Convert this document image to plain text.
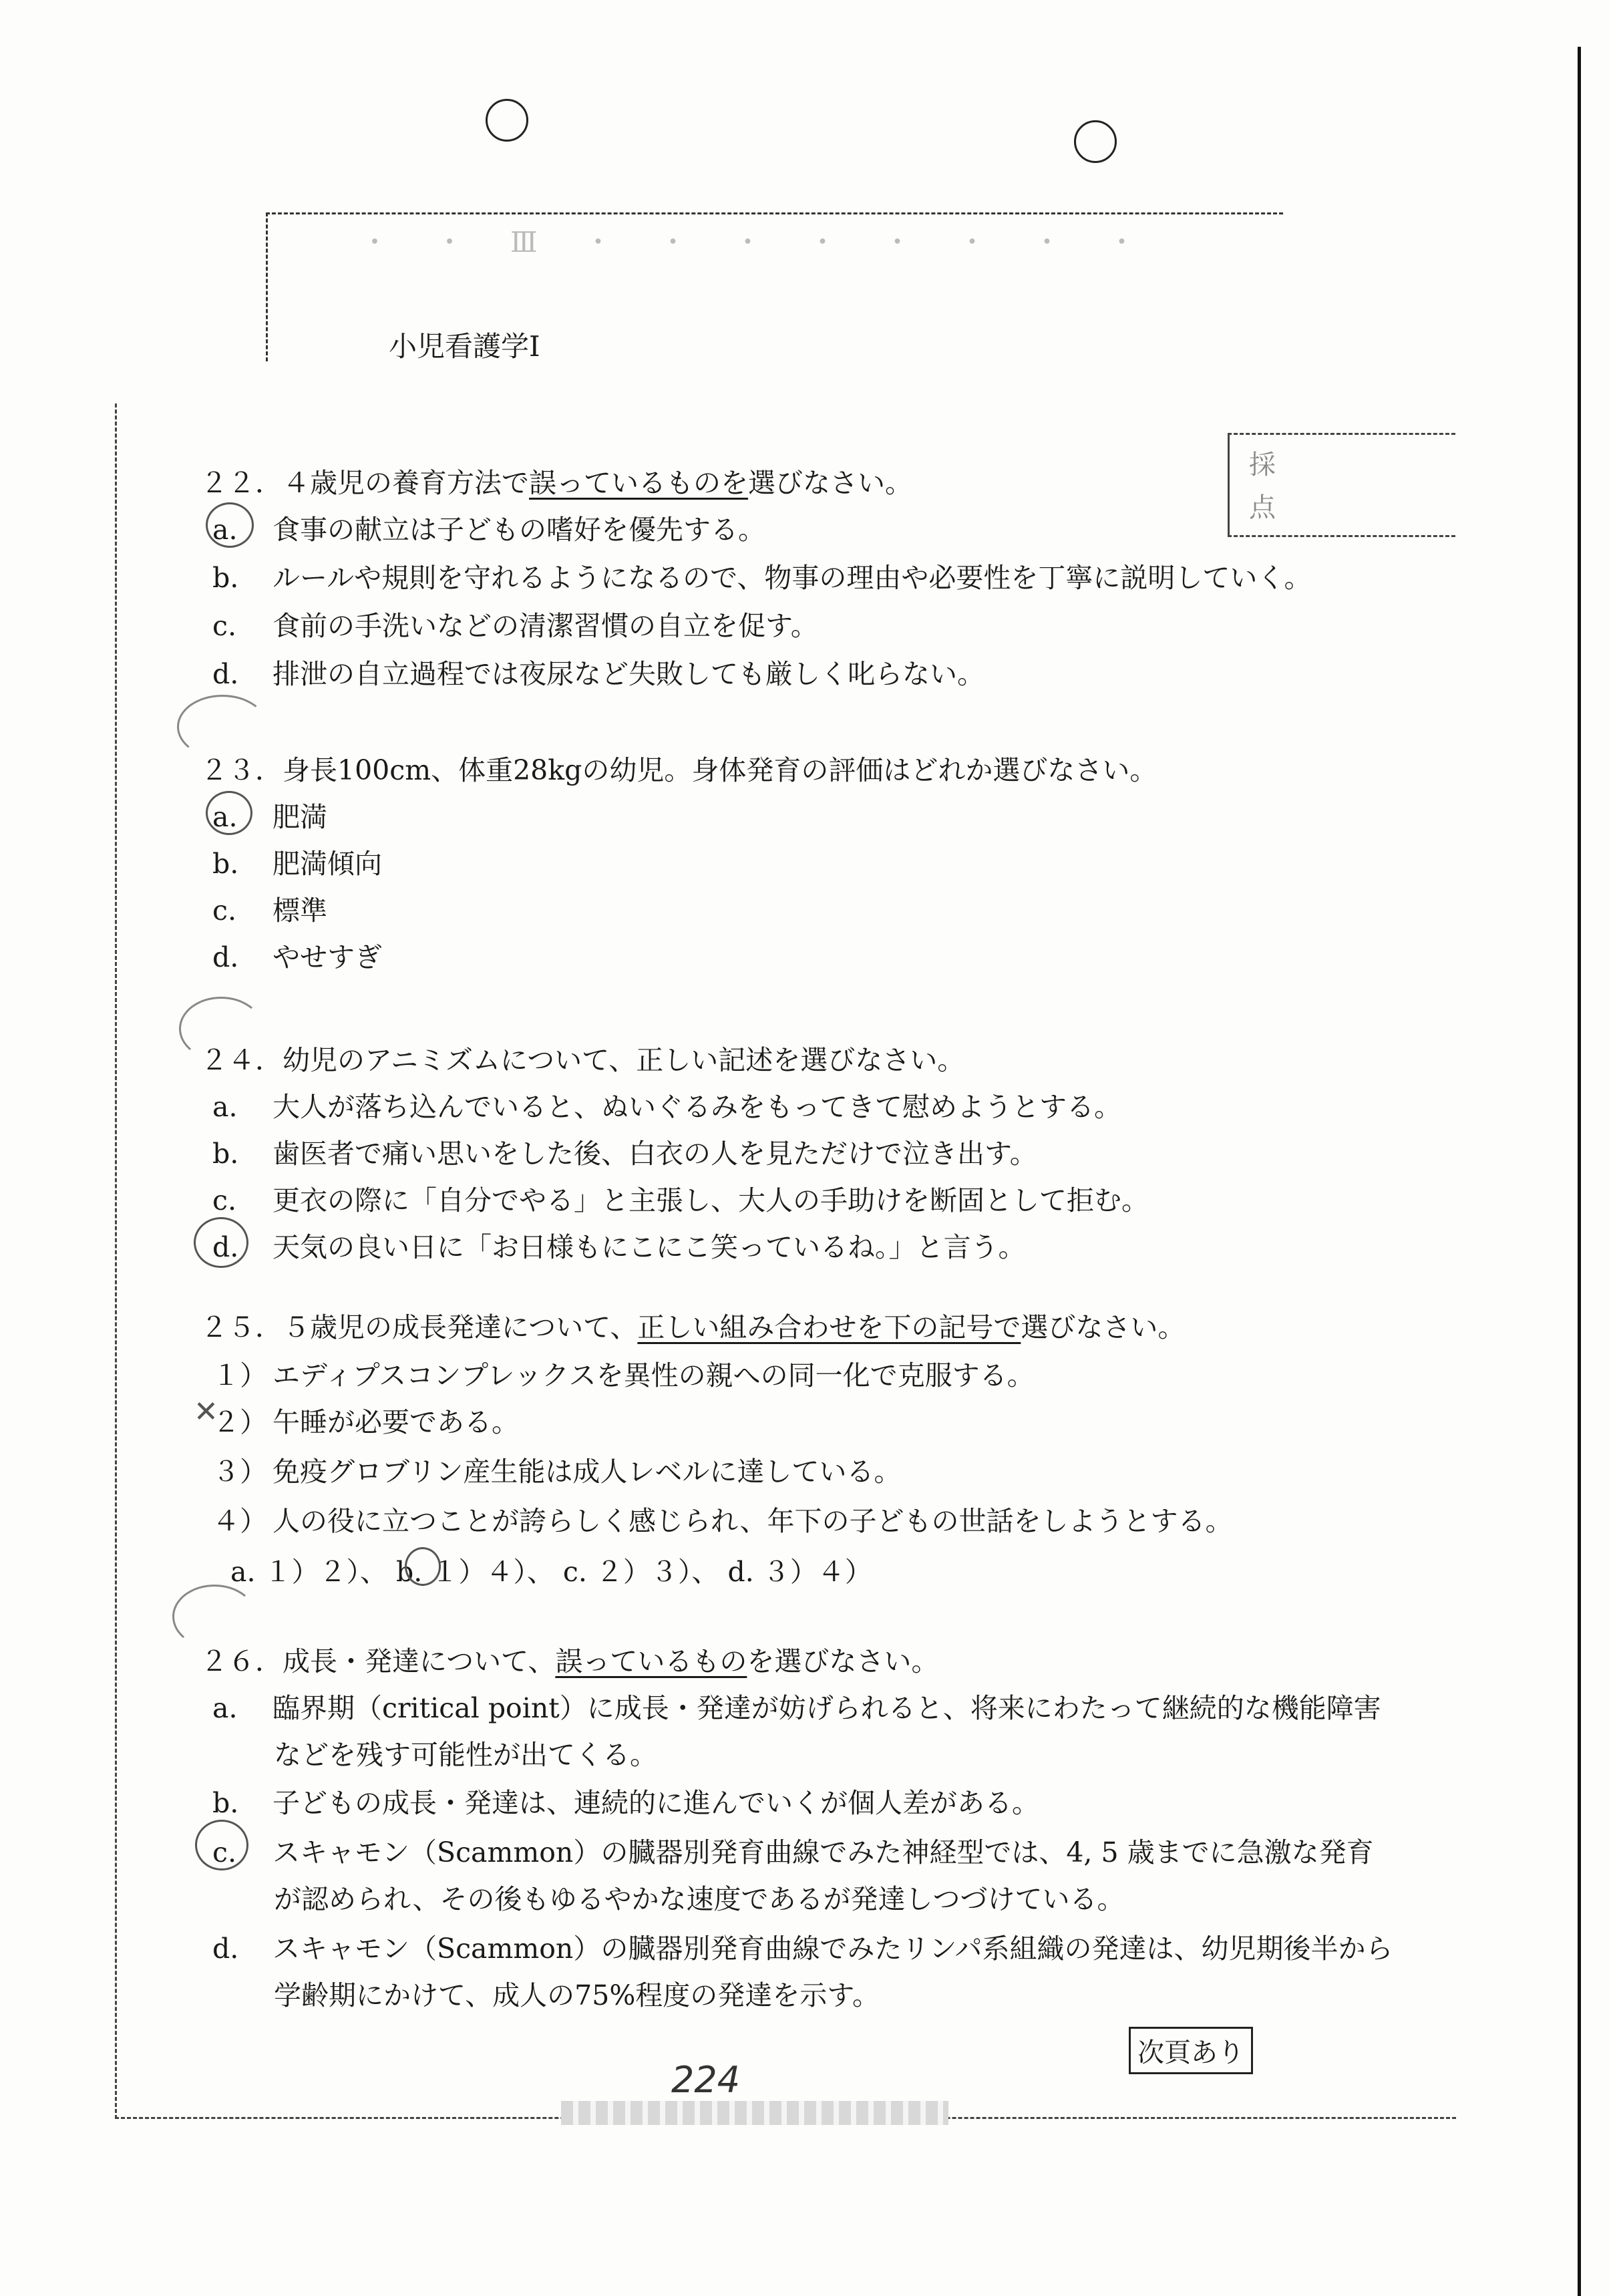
・・Ⅲ・・・・・・・・
小児看護学Ⅰ
採
点
２２．４歳児の養育方法で誤っているものを選びなさい。
a. 食事の献立は子どもの嗜好を優先する。
b. ルールや規則を守れるようになるので、物事の理由や必要性を丁寧に説明していく。
c. 食前の手洗いなどの清潔習慣の自立を促す。
d. 排泄の自立過程では夜尿など失敗しても厳しく叱らない。
２３．身長100cm、体重28kgの幼児。身体発育の評価はどれか選びなさい。
a. 肥満
b. 肥満傾向
c. 標準
d. やせすぎ
２４．幼児のアニミズムについて、正しい記述を選びなさい。
a. 大人が落ち込んでいると、ぬいぐるみをもってきて慰めようとする。
b. 歯医者で痛い思いをした後、白衣の人を見ただけで泣き出す。
c. 更衣の際に「自分でやる」と主張し、大人の手助けを断固として拒む。
d. 天気の良い日に「お日様もにこにこ笑っているね。」と言う。
２５．５歳児の成長発達について、正しい組み合わせを下の記号で選びなさい。
１） エディプスコンプレックスを異性の親への同一化で克服する。
２） 午睡が必要である。
３） 免疫グロブリン産生能は成人レベルに達している。
４） 人の役に立つことが誇らしく感じられ、年下の子どもの世話をしようとする。
a. １）２）、 b. １）４）、 c. ２）３）、 d. ３）４）
✕
２６．成長・発達について、誤っているものを選びなさい。
a. 臨界期（critical point）に成長・発達が妨げられると、将来にわたって継続的な機能障害
などを残す可能性が出てくる。
b. 子どもの成長・発達は、連続的に進んでいくが個人差がある。
c. スキャモン（Scammon）の臓器別発育曲線でみた神経型では、4, 5 歳までに急激な発育
が認められ、その後もゆるやかな速度であるが発達しつづけている。
d. スキャモン（Scammon）の臓器別発育曲線でみたリンパ系組織の発達は、幼児期後半から
学齢期にかけて、成人の75%程度の発達を示す。
次頁あり
224
